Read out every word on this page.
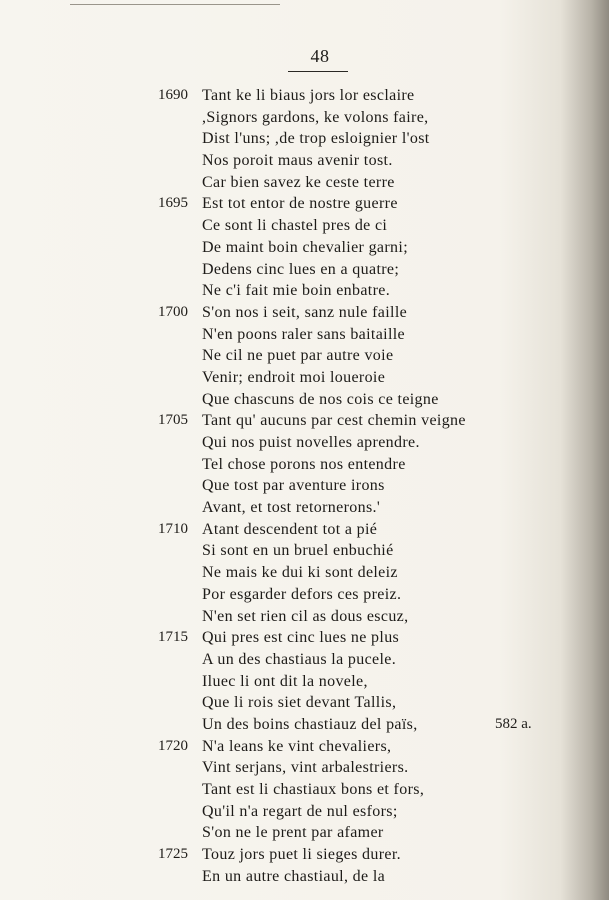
48
1690 Tant ke li biaus jors lor esclaire
,Signors gardons, ke volons faire,
Dist l'uns; ,de trop esloignier l'ost
Nos poroit maus avenir tost.
Car bien savez ke ceste terre
1695 Est tot entor de nostre guerre
Ce sont li chastel pres de ci
De maint boin chevalier garni;
Dedens cinc lues en a quatre;
Ne c'i fait mie boin enbatre.
1700 S'on nos i seit, sanz nule faille
N'en poons raler sans baitaille
Ne cil ne puet par autre voie
Venir; endroit moi loueroie
Que chascuns de nos cois ce teigne
1705 Tant qu' aucuns par cest chemin veigne
Qui nos puist novelles aprendre.
Tel chose porons nos entendre
Que tost par aventure irons
Avant, et tost retornerons.'
1710 Atant descendent tot a pié
Si sont en un bruel enbuchié
Ne mais ke dui ki sont deleiz
Por esgarder defors ces preiz.
N'en set rien cil as dous escuz,
1715 Qui pres est cinc lues ne plus
A un des chastiaus la pucele.
Iluec li ont dit la novele,
Que li rois siet devant Tallis,
Un des boins chastiauz del païs,	582 a.
1720 N'a leans ke vint chevaliers,
Vint serjans, vint arbalestriers.
Tant est li chastiaux bons et fors,
Qu'il n'a regart de nul esfors;
S'on ne le prent par afamer
1725 Touz jors puet li sieges durer.
En un autre chastiaul, de la
